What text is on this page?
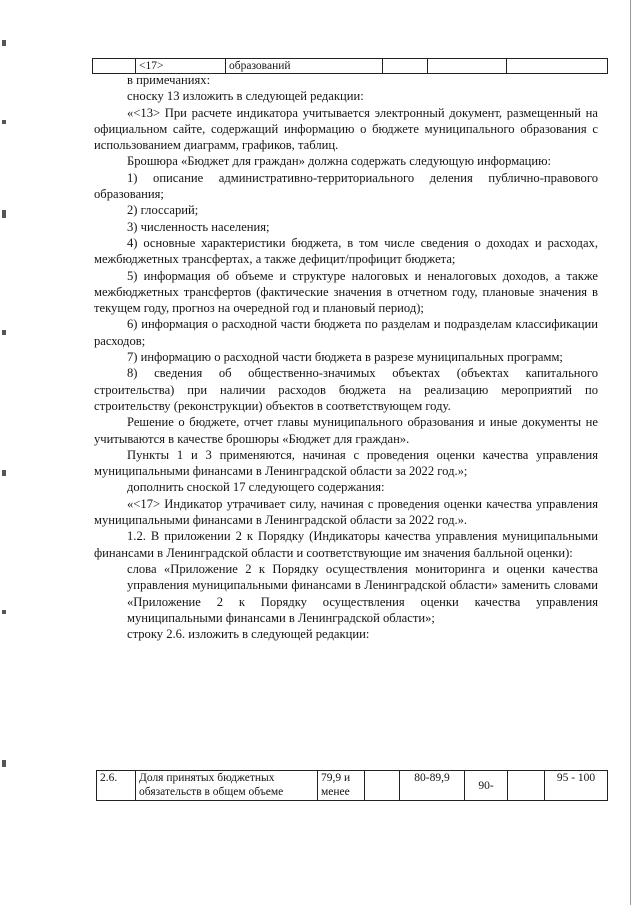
	<17>	образований			

в примечаниях:

сноску 13 изложить в следующей редакции:

«<13> При расчете индикатора учитывается электронный документ, размещенный на официальном сайте, содержащий информацию о бюджете муниципального образования с использованием диаграмм, графиков, таблиц.

Брошюра «Бюджет для граждан» должна содержать следующую информацию:

1) описание административно-территориального деления публично-правового образования;

2) глоссарий;

3) численность населения;

4) основные характеристики бюджета, в том числе сведения о доходах и расходах, межбюджетных трансфертах, а также дефицит/профицит бюджета;

5) информация об объеме и структуре налоговых и неналоговых доходов, а также межбюджетных трансфертов (фактические значения в отчетном году, плановые значения в текущем году, прогноз на очередной год и плановый период);

6) информация о расходной части бюджета по разделам и подразделам классификации расходов;

7) информацию о расходной части бюджета в разрезе муниципальных программ;

8) сведения об общественно-значимых объектах (объектах капитального строительства) при наличии расходов бюджета на реализацию мероприятий по строительству (реконструкции) объектов в соответствующем году.

Решение о бюджете, отчет главы муниципального образования и иные документы не учитываются в качестве брошюры «Бюджет для граждан».

Пункты 1 и 3 применяются, начиная с проведения оценки качества управления муниципальными финансами в Ленинградской области за 2022 год.»;

дополнить сноской 17 следующего содержания:

«<17> Индикатор утрачивает силу, начиная с проведения оценки качества управления муниципальными финансами в Ленинградской области за 2022 год.».

1.2. В приложении 2 к Порядку (Индикаторы качества управления муниципальными финансами в Ленинградской области и соответствующие им значения балльной оценки):

слова «Приложение 2 к Порядку осуществления мониторинга и оценки качества управления муниципальными финансами в Ленинградской области» заменить словами «Приложение 2 к Порядку осуществления оценки качества управления муниципальными финансами в Ленинградской области»;

строку 2.6. изложить в следующей редакции:

2.6.	Доля принятых бюджетных обязательств в общем объеме	79,9 и менее		80-89,9	90-		95 - 100
